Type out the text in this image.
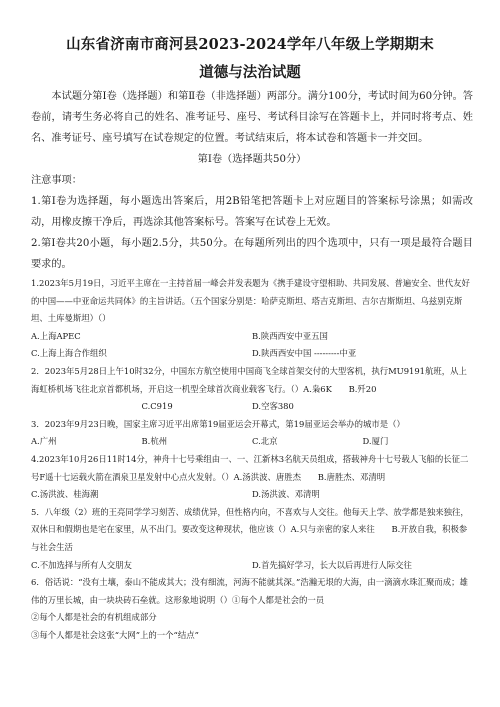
山东省济南市商河县2023-2024学年八年级上学期期末
道德与法治试题

本试题分第Ⅰ卷（选择题）和第Ⅱ卷（非选择题）两部分。满分100分，考试时间为60分钟。答卷前，请考生务必将自己的姓名、准考证号、座号、考试科目涂写在答题卡上，并同时将考点、姓名、准考证号、座号填写在试卷规定的位置。考试结束后，将本试卷和答题卡一并交回。

第Ⅰ卷（选择题共50分）

注意事项：

1.第Ⅰ卷为选择题，每小题选出答案后，用2B铅笔把答题卡上对应题目的答案标号涂黑；如需改动，用橡皮擦干净后，再选涂其他答案标号。答案写在试卷上无效。

2.第Ⅰ卷共20小题，每小题2.5分，共50分。在每题所列出的四个选项中，只有一项是最符合题目要求的。

1.2023年5月19日，习近平主席在一主持首届一峰会并发表题为《携手建设守望相助、共同发展、普遍安全、世代友好的中国——中亚命运共同体》的主旨讲话。（五个国家分别是：哈萨克斯坦、塔吉克斯坦、吉尔吉斯斯坦、乌兹别克斯坦、土库曼斯坦）（）

A.上海APEC	B.陕西西安中亚五国
C.上海上海合作组织	D.陕西西安中国 ---------中亚

2．2023年5月28日上午10时32分，中国东方航空使用中国商飞全球首架交付的大型客机，执行MU9191航班，从上海虹桥机场飞往北京首都机场，开启这一机型全球首次商业载客飞行。（）A.枭6K　　B.歼20

C.C919	D.空客380

3．2023年9月23日晚，国家主席习近平出席第19届亚运会开幕式，第19届亚运会举办的城市是（）

A.广州	B.杭州	C.北京	D.厦门

4.2023年10月26日11时14分，神舟十七号乘组由一、一、江新林3名航天员组成，搭载神舟十七号载人飞船的长征二号F遥十七运载火箭在酒泉卫星发射中心点火发射。（）A.汤洪波、唐胜杰　　B.唐胜杰、邓清明

C.汤洪波、桂海潮	D.汤洪波、邓清明

5．八年级（2）班的王亮同学学习刻苦、成绩优异，但性格内向，不喜欢与人交往。他每天上学、放学都是独来独往，双休日和假期也是宅在家里，从不出门。要改变这种现状，他应该（）A.只与亲密的家人来往　　B.开放自我，积极参与社会生活

C.不加选择与所有人交朋友	D.首先搞好学习，长大以后再进行人际交往

6．俗话说：“没有土壤，泰山不能成其大；没有细流，河海不能就其深。”浩瀚无垠的大海，由一滴滴水珠汇聚而成；雄伟的万里长城，由一块块砖石垒就。这形象地说明（）①每个人都是社会的一员

②每个人都是社会的有机组成部分

③每个人都是社会这张“大网”上的一个“结点”
